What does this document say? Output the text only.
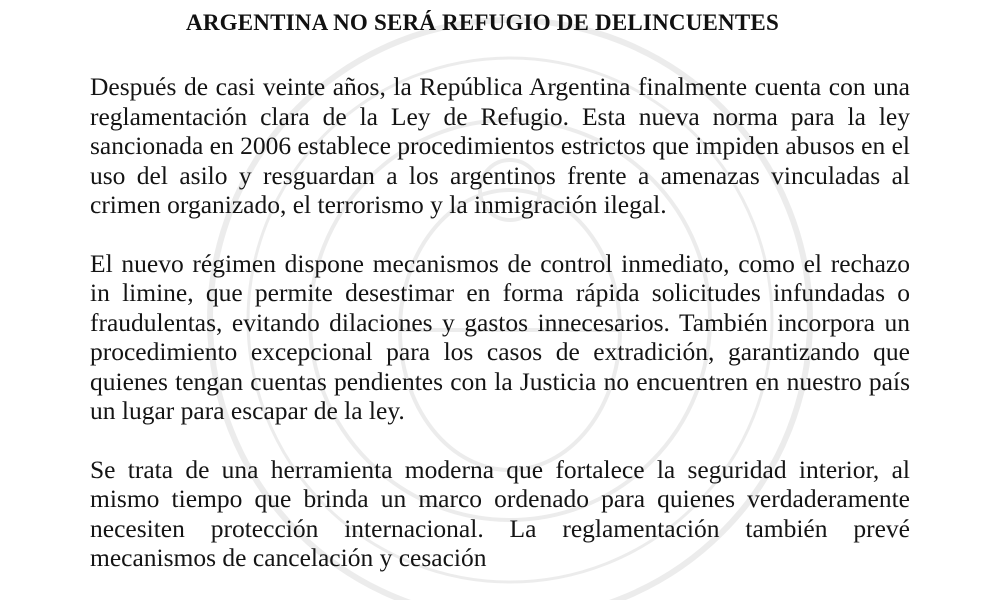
ARGENTINA NO SERÁ REFUGIO DE DELINCUENTES

Después de casi veinte años, la República Argentina finalmente cuenta con una reglamentación clara de la Ley de Refugio. Esta nueva norma para la ley sancionada en 2006 establece procedimientos estrictos que impiden abusos en el uso del asilo y resguardan a los argentinos frente a amenazas vinculadas al crimen organizado, el terrorismo y la inmigración ilegal.

El nuevo régimen dispone mecanismos de control inmediato, como el rechazo in limine, que permite desestimar en forma rápida solicitudes infundadas o fraudulentas, evitando dilaciones y gastos innecesarios. También incorpora un procedimiento excepcional para los casos de extradición, garantizando que quienes tengan cuentas pendientes con la Justicia no encuentren en nuestro país un lugar para escapar de la ley.

Se trata de una herramienta moderna que fortalece la seguridad interior, al mismo tiempo que brinda un marco ordenado para quienes verdaderamente necesiten protección internacional. La reglamentación también prevé mecanismos de cancelación y cesación
